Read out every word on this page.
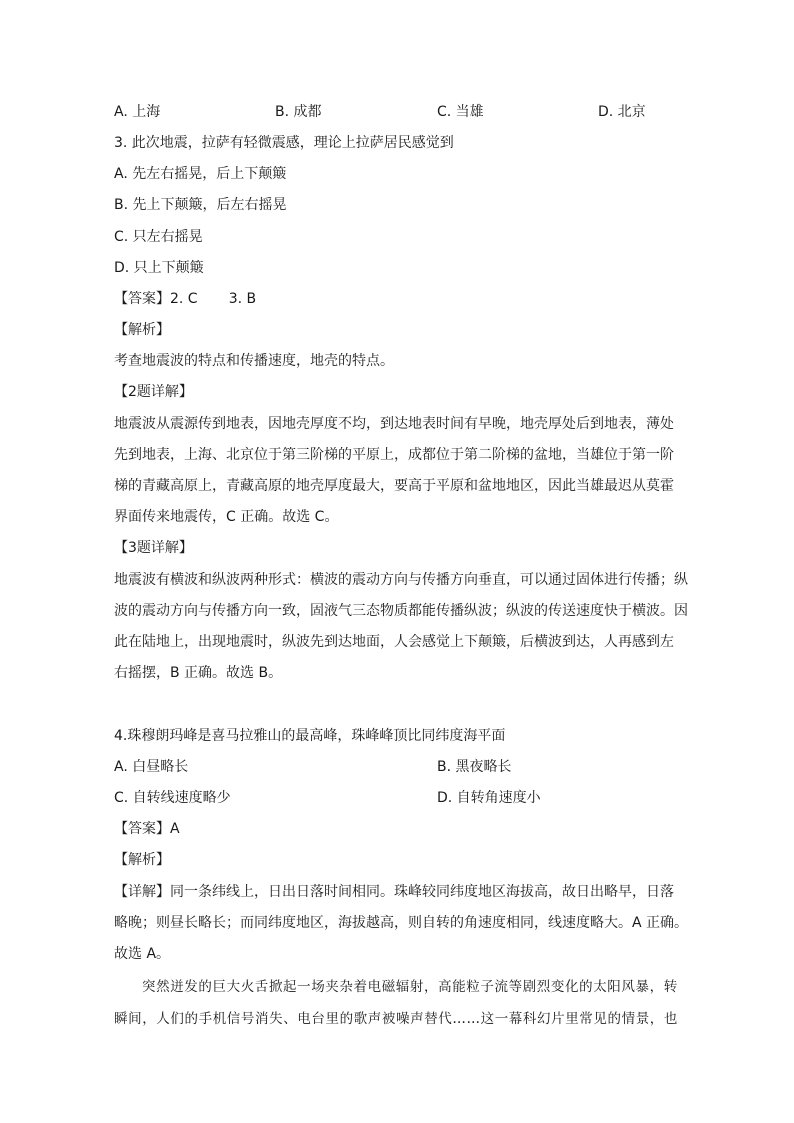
A. 上海	B. 成都	C. 当雄	D. 北京
3. 此次地震，拉萨有轻微震感，理论上拉萨居民感觉到
A. 先左右摇晃，后上下颠簸
B. 先上下颠簸，后左右摇晃
C. 只左右摇晃
D. 只上下颠簸
【答案】2. C       3. B
【解析】
考查地震波的特点和传播速度，地壳的特点。
【2题详解】
地震波从震源传到地表，因地壳厚度不均，到达地表时间有早晚，地壳厚处后到地表，薄处
先到地表，上海、北京位于第三阶梯的平原上，成都位于第二阶梯的盆地，当雄位于第一阶
梯的青藏高原上，青藏高原的地壳厚度最大，要高于平原和盆地地区，因此当雄最迟从莫霍
界面传来地震传，C 正确。故选 C。
【3题详解】
地震波有横波和纵波两种形式：横波的震动方向与传播方向垂直，可以通过固体进行传播；纵
波的震动方向与传播方向一致，固液气三态物质都能传播纵波；纵波的传送速度快于横波。因
此在陆地上，出现地震时，纵波先到达地面，人会感觉上下颠簸，后横波到达，人再感到左
右摇摆，B 正确。故选 B。
4.珠穆朗玛峰是喜马拉雅山的最高峰，珠峰峰顶比同纬度海平面
A. 白昼略长	B. 黑夜略长
C. 自转线速度略少	D. 自转角速度小
【答案】A
【解析】
【详解】同一条纬线上，日出日落时间相同。珠峰较同纬度地区海拔高，故日出略早，日落
略晚；则昼长略长；而同纬度地区，海拔越高，则自转的角速度相同，线速度略大。A 正确。
故选 A。
突然迸发的巨大火舌掀起一场夹杂着电磁辐射，高能粒子流等剧烈变化的太阳风暴，转
瞬间，人们的手机信号消失、电台里的歌声被噪声替代……这一幕科幻片里常见的情景，也
